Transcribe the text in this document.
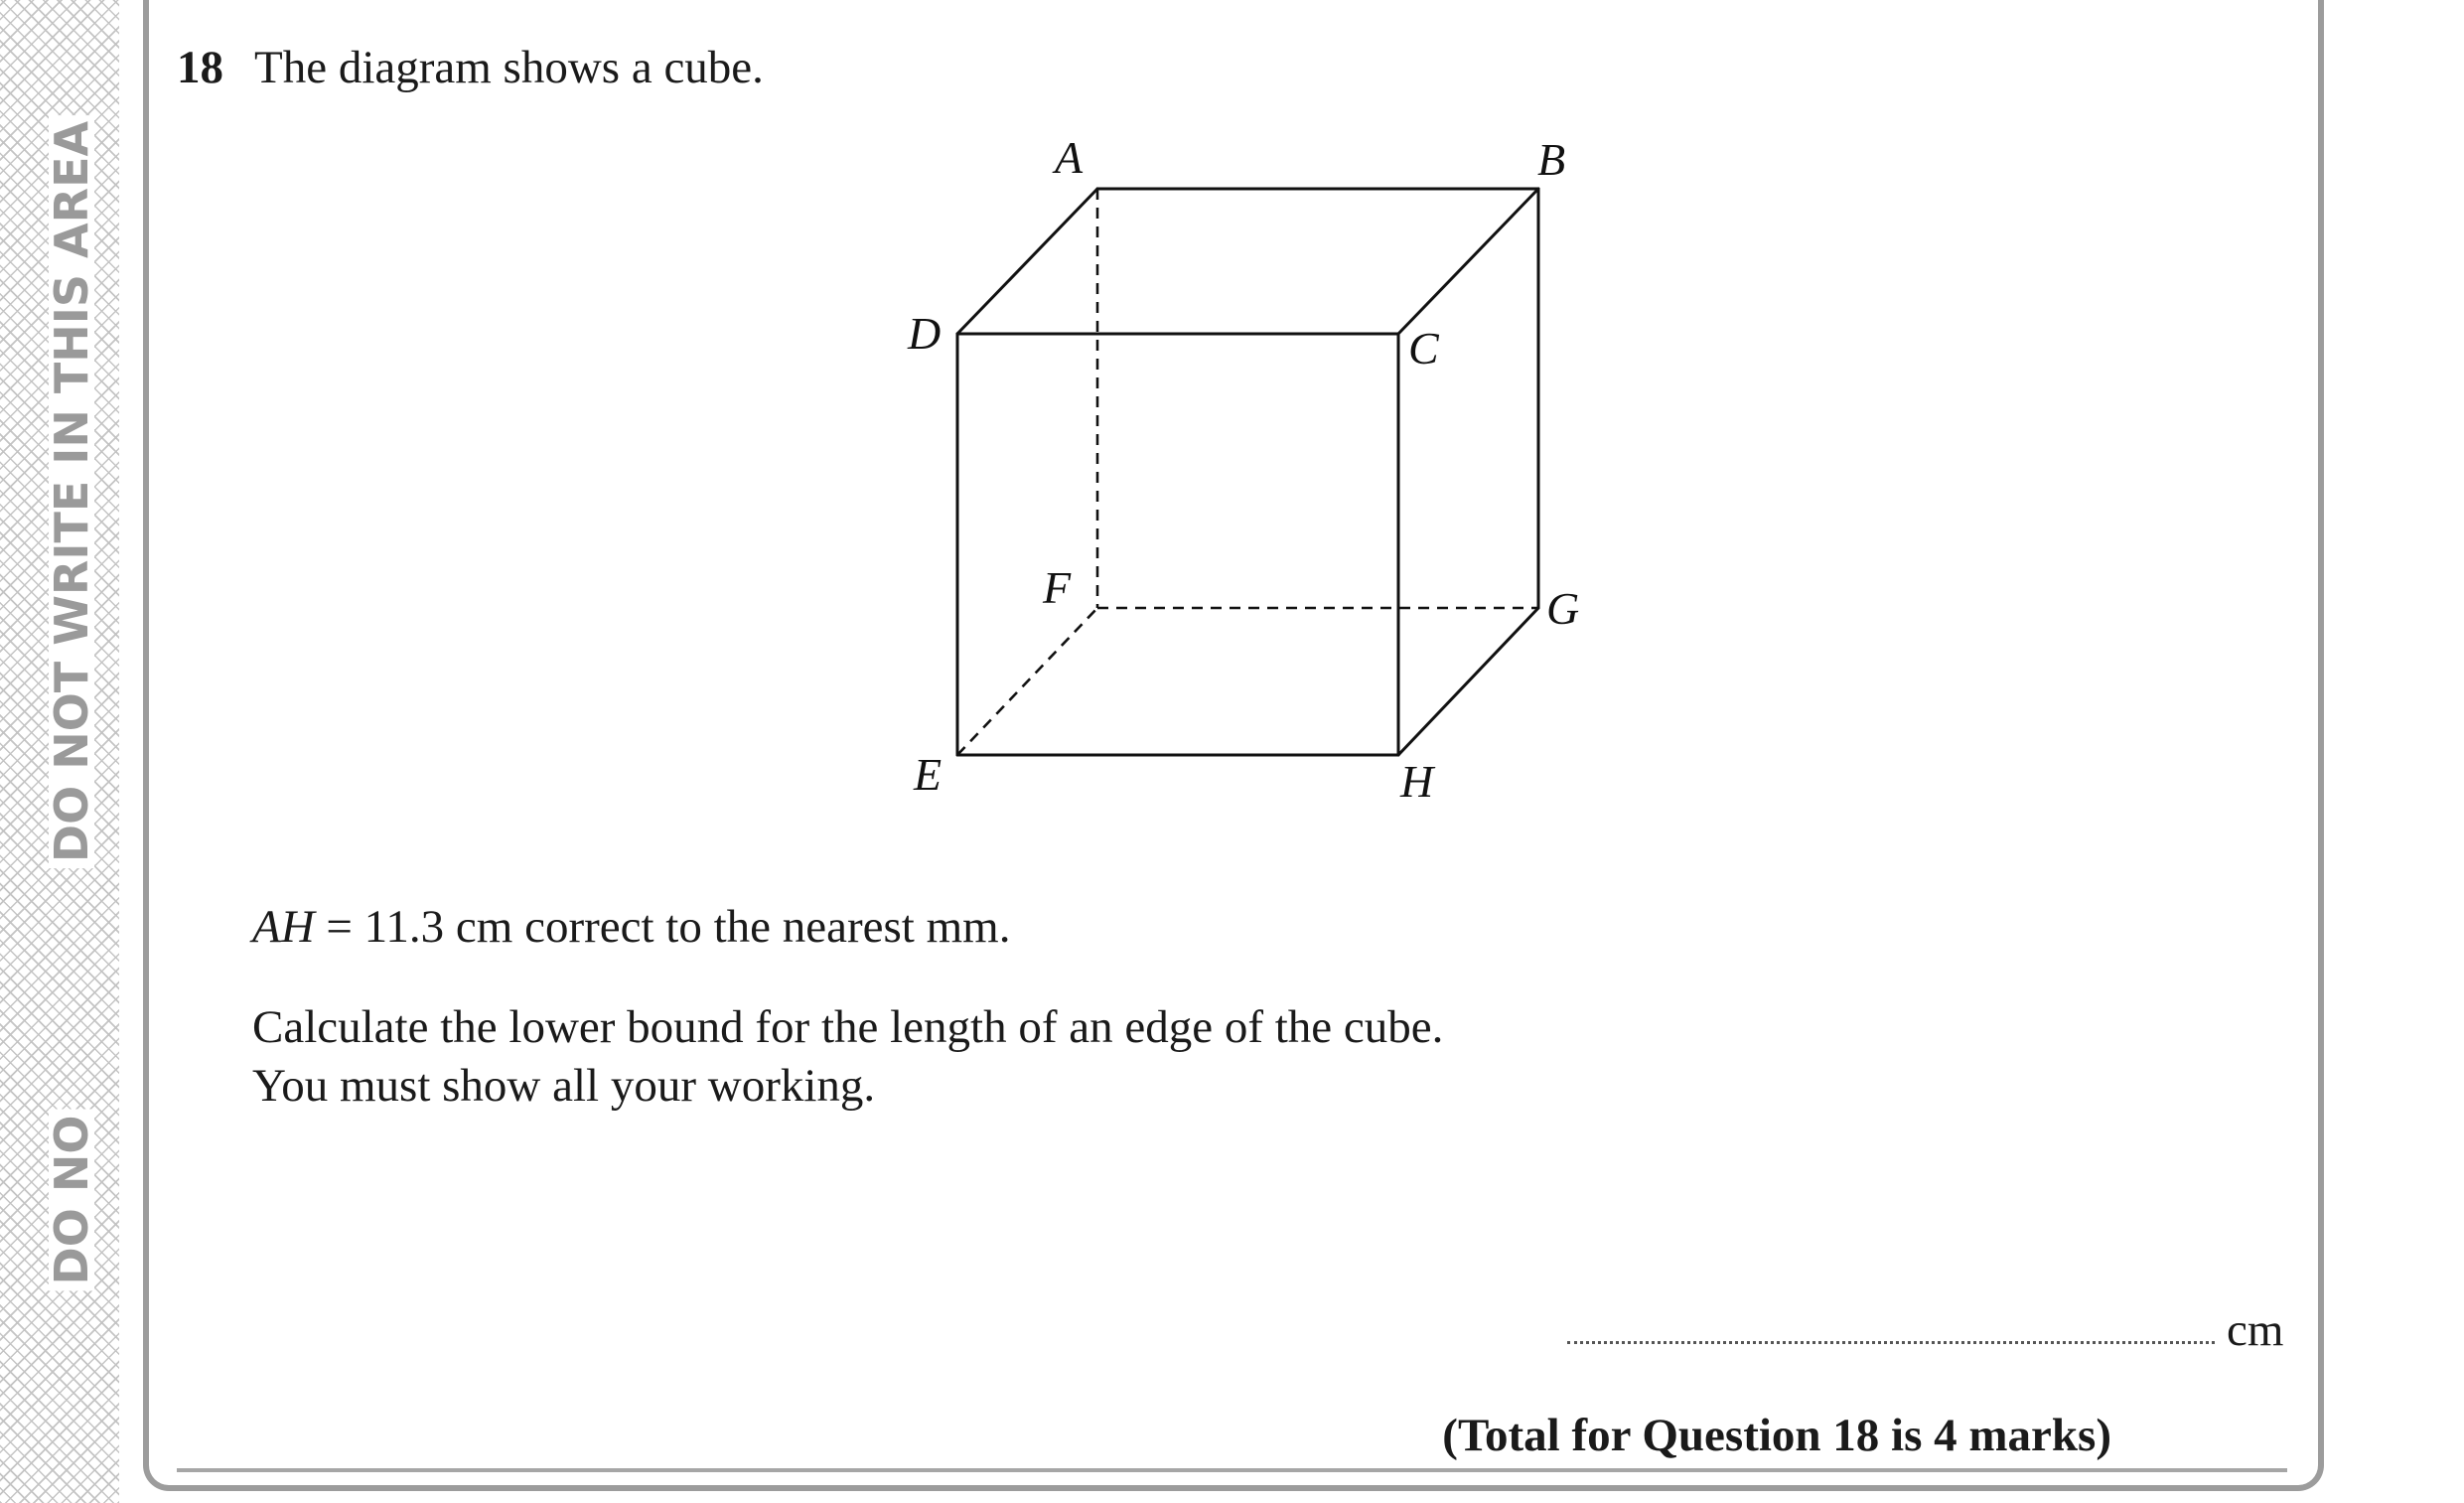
DO NOT WRITE IN THIS AREA
DO NO
18 The diagram shows a cube.
A	B
C
D
E
F	G
H
AH = 11.3 cm correct to the nearest mm.
Calculate the lower bound for the length of an edge of the cube.
You must show all your working.
cm
(Total for Question 18 is 4 marks)
